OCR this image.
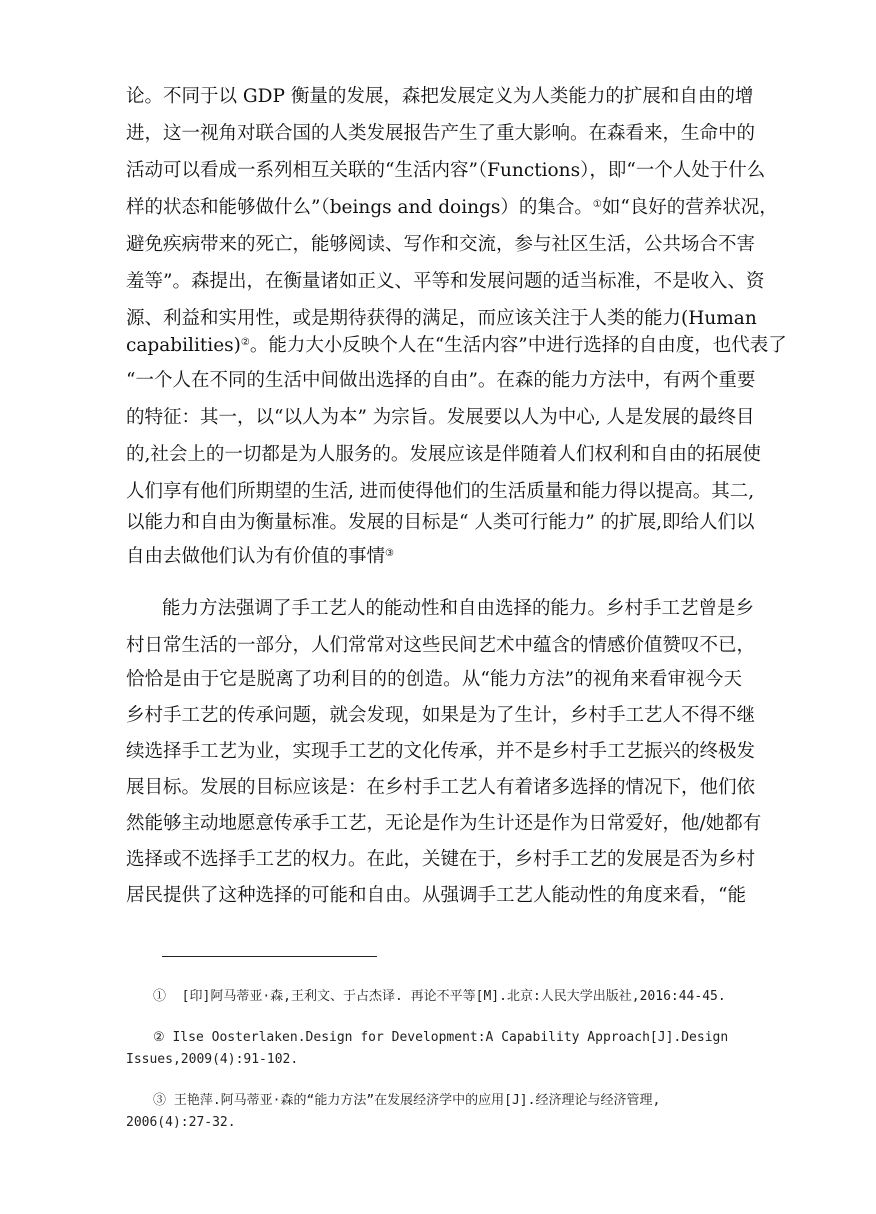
论。不同于以 GDP 衡量的发展，森把发展定义为人类能力的扩展和自由的增
进，这一视角对联合国的人类发展报告产生了重大影响。在森看来，生命中的
活动可以看成一系列相互关联的“生活内容”（Functions），即“一个人处于什么
样的状态和能够做什么”（beings and doings）的集合。①如“良好的营养状况，
避免疾病带来的死亡，能够阅读、写作和交流，参与社区生活，公共场合不害
羞等”。森提出，在衡量诸如正义、平等和发展问题的适当标准，不是收入、资
源、利益和实用性，或是期待获得的满足，而应该关注于人类的能力(Human
capabilities)②。能力大小反映个人在“生活内容”中进行选择的自由度，也代表了
“一个人在不同的生活中间做出选择的自由”。在森的能力方法中，有两个重要
的特征：其一，以“以人为本” 为宗旨。发展要以人为中心, 人是发展的最终目
的,社会上的一切都是为人服务的。发展应该是伴随着人们权利和自由的拓展使
人们享有他们所期望的生活, 进而使得他们的生活质量和能力得以提高。其二,
以能力和自由为衡量标准。发展的目标是“ 人类可行能力” 的扩展,即给人们以
自由去做他们认为有价值的事情③
能力方法强调了手工艺人的能动性和自由选择的能力。乡村手工艺曾是乡
村日常生活的一部分，人们常常对这些民间艺术中蕴含的情感价值赞叹不已，
恰恰是由于它是脱离了功利目的的创造。从“能力方法”的视角来看审视今天
乡村手工艺的传承问题，就会发现，如果是为了生计，乡村手工艺人不得不继
续选择手工艺为业，实现手工艺的文化传承，并不是乡村手工艺振兴的终极发
展目标。发展的目标应该是：在乡村手工艺人有着诸多选择的情况下，他们依
然能够主动地愿意传承手工艺，无论是作为生计还是作为日常爱好，他/她都有
选择或不选择手工艺的权力。在此，关键在于，乡村手工艺的发展是否为乡村
居民提供了这种选择的可能和自由。从强调手工艺人能动性的角度来看，“能
① [印]阿马蒂亚·森,王利文、于占杰译. 再论不平等[M].北京:人民大学出版社,2016:44-45.
② Ilse Oosterlaken.Design for Development:A Capability Approach[J].Design
Issues,2009(4):91-102.
③ 王艳萍.阿马蒂亚·森的“能力方法”在发展经济学中的应用[J].经济理论与经济管理,
2006(4):27-32.
